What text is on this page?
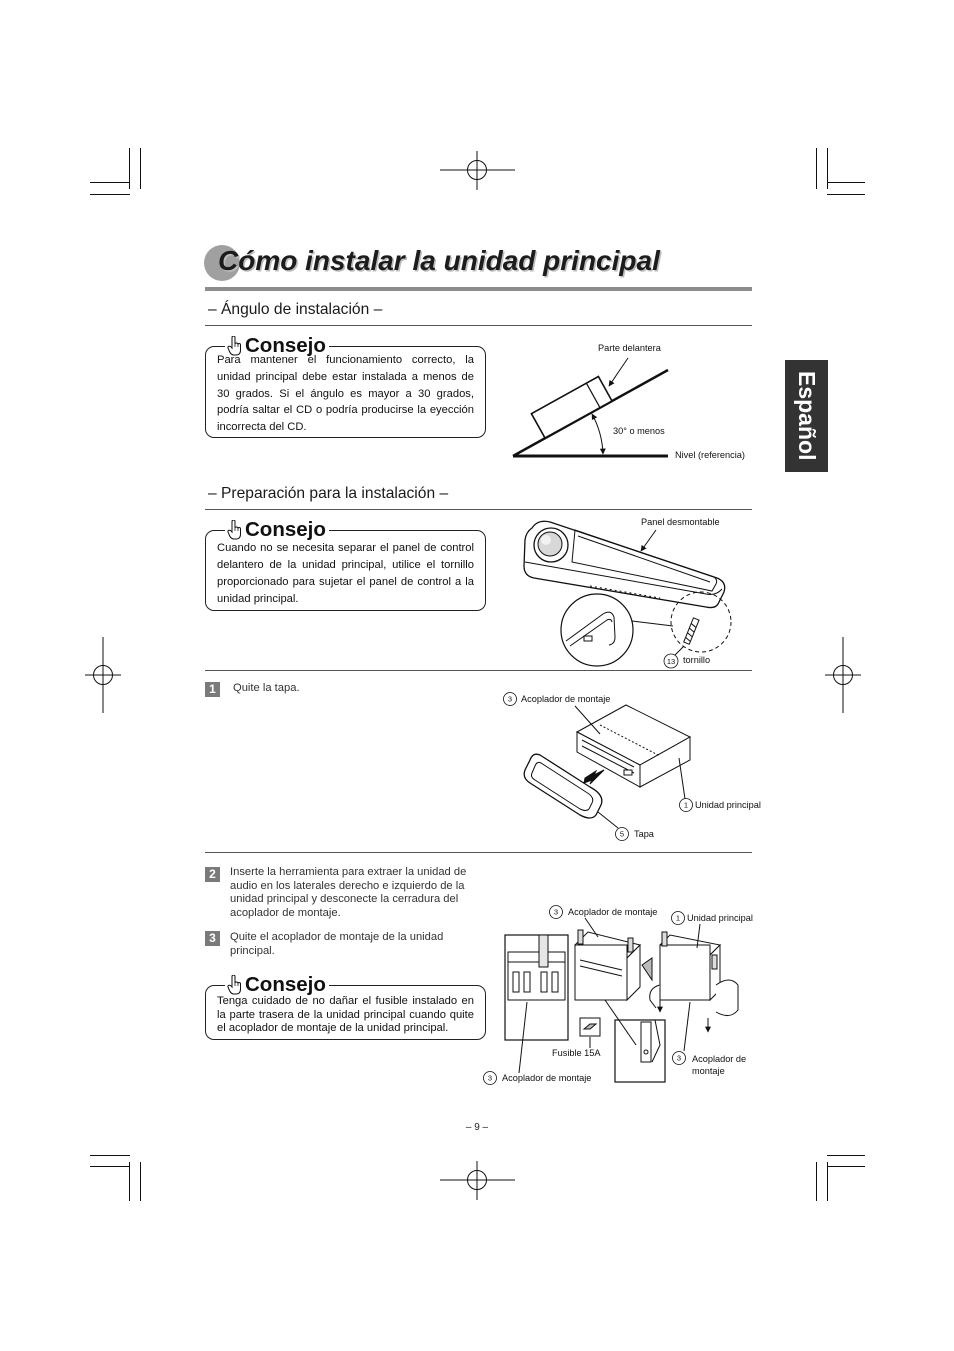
Parte delantera
30° o menos
Nivel (referencia)
Panel desmontable
13 tornillo
3 Acoplador de montaje
1 Unidad principal
5 Tapa
3 Acoplador de montaje
1 Unidad principal
Fusible 15A
3 Acoplador de montaje
3 Acoplador de
montaje
Cómo instalar la unidad principal
Español
– Ángulo de instalación –
Consejo
Para mantener el funcionamiento correcto, la
unidad principal debe estar instalada a menos de
30 grados. Si el ángulo es mayor a 30 grados,
podría saltar el CD o podría producirse la eyección
incorrecta del CD.
– Preparación para la instalación –
Consejo
Cuando no se necesita separar el panel de control
delantero de la unidad principal, utilice el tornillo
proporcionado para sujetar el panel de control a la
unidad principal.
1	Quite la tapa.
2	Inserte la herramienta para extraer la unidad de
audio en los laterales derecho e izquierdo de la
unidad principal y desconecte la cerradura del
acoplador de montaje.
3	Quite el acoplador de montaje de la unidad
principal.
Consejo
Tenga cuidado de no dañar el fusible instalado en
la parte trasera de la unidad principal cuando quite
el acoplador de montaje de la unidad principal.
– 9 –
